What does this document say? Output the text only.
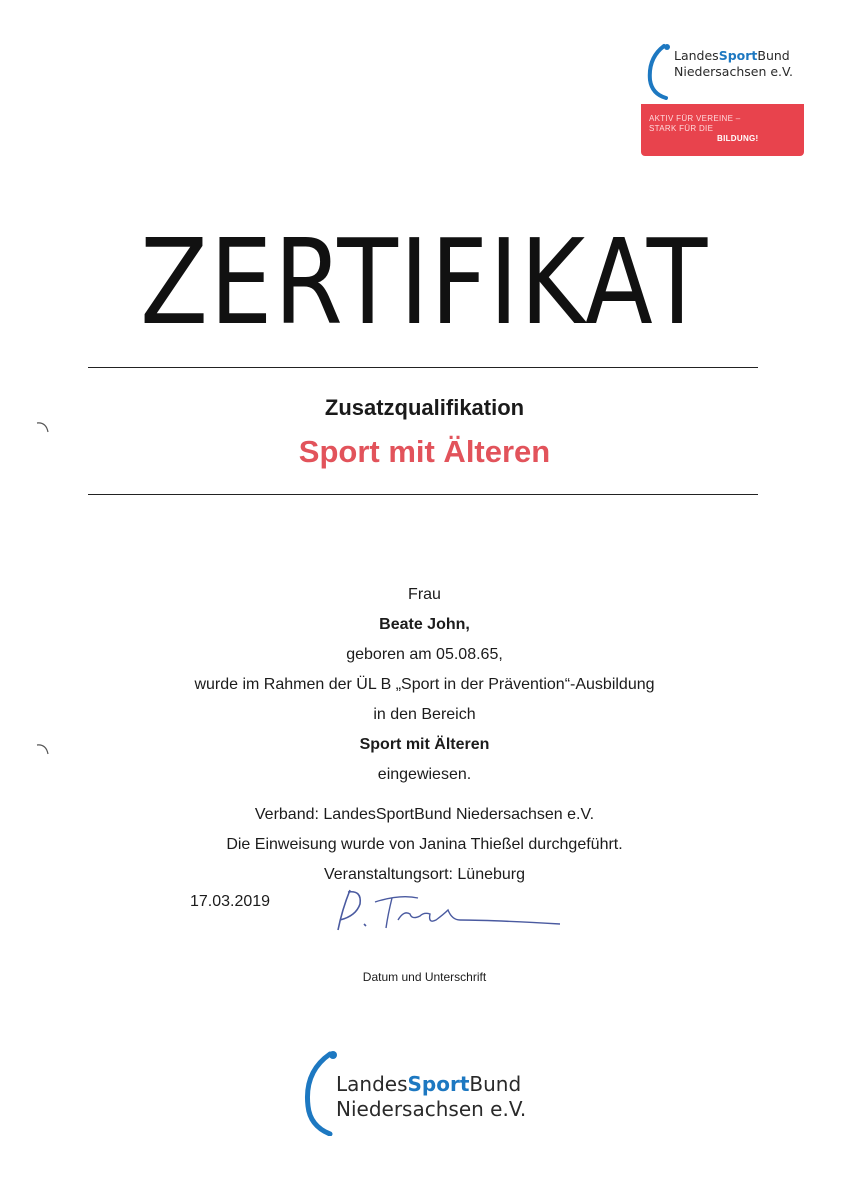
LandesSportBund
Niedersachsen e.V.
AKTIV FÜR VEREINE –
STARK FÜR DIE
BILDUNG!
ZERTIFIKAT
Zusatzqualifikation
Sport mit Älteren
Frau
Beate John,
geboren am 05.08.65,
wurde im Rahmen der ÜL B „Sport in der Prävention“-Ausbildung
in den Bereich
Sport mit Älteren
eingewiesen.
Verband: LandesSportBund Niedersachsen e.V.
Die Einweisung wurde von Janina Thießel durchgeführt.
Veranstaltungsort: Lüneburg
17.03.2019
Datum und Unterschrift
LandesSportBund
Niedersachsen e.V.
